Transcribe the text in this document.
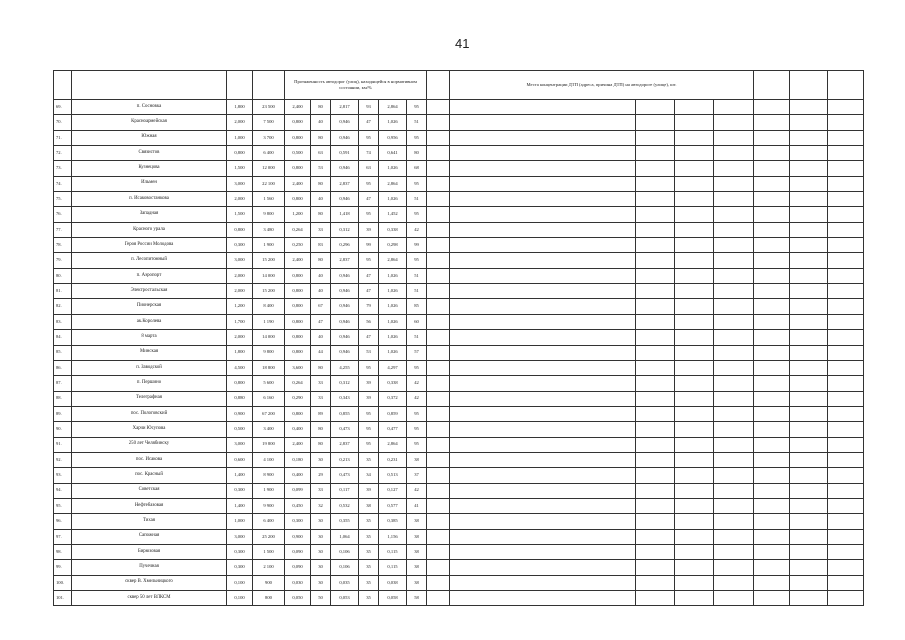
41
				Протяженность автодорог (улиц), находящейся в нормативном состоянии, км/%							Места концентрации ДТП (адреса, причина ДТП) на автодороге (улице), шт.						
69.	п. Сосновка	1,800	23 500	2,400	80	2,817	93	2,864	95								
70.	Красноармейская	2,000	7 500	0,800	40	0,946	47	1,026	51								
71.	Южная	1,000	3 700	0,800	80	0,946	95	0,956	95								
72.	Связистов	0,800	6 400	0,500	63	0,591	74	0,641	80								
73.	Кузнецова	1,500	12 000	0,800	53	0,946	63	1,026	68								
74.	Ильмен	3,000	22 100	2,400	80	2,837	95	2,864	95								
75.	п. Исаковостанкова	2,000	1 560	0,800	40	0,946	47	1,026	51								
76.	Западная	1,500	9 800	1,200	80	1,418	95	1,452	95								
77.	Красного урала	0,800	3 480	0,264	33	0,312	39	0,338	42								
78.	Героя России Молодова	0,300	1 900	0,250	83	0,296	99	0,298	99								
79.	п. Лесопитомный	3,000	15 200	2,400	80	2,837	95	2,864	95								
80.	п. Аэропорт	2,000	14 000	0,800	40	0,946	47	1,026	51								
81.	Электростальская	2,000	15 200	0,800	40	0,946	47	1,026	51								
82.	Пионерская	1,200	8 400	0,800	67	0,946	79	1,026	85								
83.	ак.Королева	1,700	1 190	0,800	47	0,946	56	1,026	60								
84.	8 марта	2,000	14 000	0,800	40	0,946	47	1,026	51								
85.	Минская	1,800	9 800	0,800	44	0,946	53	1,026	57								
86.	п. Заводской	4,500	18 800	3,600	80	4,255	95	4,297	95								
87.	п. Першино	0,800	5 600	0,264	33	0,312	39	0,338	42								
88.	Телеграфная	0,880	6 160	0,290	33	0,343	39	0,372	42								
89.	пос. Пологовский	0,900	67 200	0,800	89	0,855	95	0,859	95								
90.	Харчи Юсупова	0,500	3 400	0,400	80	0,473	95	0,477	95								
91.	250 лет Челябинску	3,000	19 800	2,400	80	2,837	95	2,864	95								
92.	пос. Исакова	0,600	4 100	0,180	30	0,213	35	0,231	38								
93.	пос. Красный	1,400	8 900	0,400	29	0,473	34	0,513	37								
94.	Советская	0,300	1 900	0,099	33	0,117	39	0,127	42								
95.	Нефтебазовая	1,400	9 900	0,450	32	0,532	38	0,577	41								
96.	Тихая	1,000	6 400	0,300	30	0,355	35	0,385	38								
97.	Сапожная	3,000	25 200	0,900	30	1,064	35	1,156	38								
98.	Бирюзовая	0,300	1 500	0,090	30	0,106	35	0,115	38								
99.	Пучечная	0,300	2 100	0,090	30	0,106	35	0,115	38								
100.	сквер В. Хмельницкого	0,100	900	0,030	30	0,035	35	0,038	38								
101.	сквер 50 лет ВЛКСМ	0,100	800	0,050	50	0,053	35	0,058	58								
